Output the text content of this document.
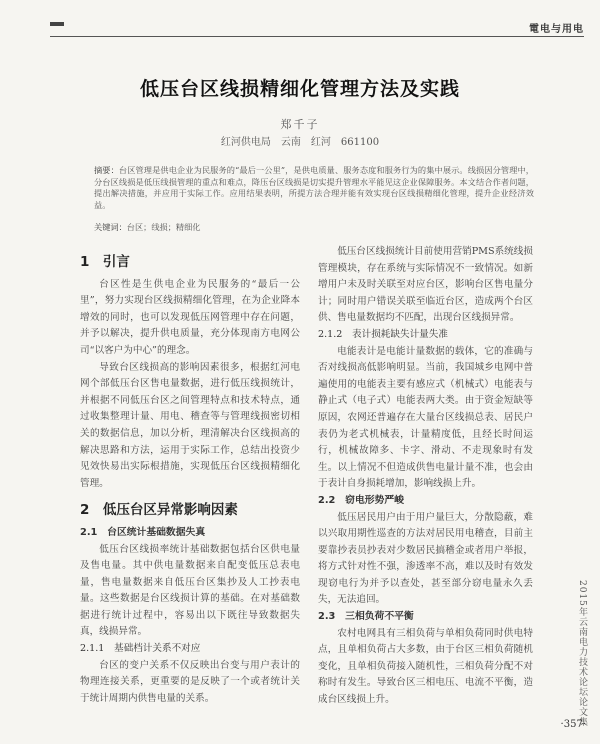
電电与用电
低压台区线损精细化管理方法及实践
郑千子
红河供电局　云南　红河　661100
摘要：台区管理是供电企业为民服务的“最后一公里”，是供电质量、服务态度和服务行为的集中展示。线损因分管理中，分台区线损是低压线损管理的重点和难点，降压台区线损是切实提升管理水平能见这企业保障服务。本文结合作者问题，提出解决措施，并应用于实际工作。应用结果表明，所提方法合理并能有效实现台区线损精细化管理，提升企业经济效益。
关键词：台区；线损；精细化
1　引言

台区性是生供电企业为民服务的“最后一公里”，努力实现台区线损精细化管理，在为企业降本增效的同时，也可以发现低压网管理中存在问题，并予以解决，提升供电质量，充分体现南方电网公司“以客户为中心”的理念。

导致台区线损高的影响因素很多，根据红河电网个部低压台区售电量数据，进行低压线损统计，并根据不同低压台区之间管理特点和技术特点，通过收集整理计量、用电、稽查等与管理线损密切相关的数据信息，加以分析，理清解决台区线损高的解决思路和方法，运用于实际工作，总结出投资少见效快易出实际根措施，实现低压台区线损精细化管理。

2　低压台区异常影响因素
2.1　台区统计基础数据失真

低压台区线损率统计基础数据包括台区供电量及售电量。其中供电量数据来自配变低压总表电量，售电量数据来自低压台区集抄及人工抄表电量。这些数据是台区线损计算的基础。在对基础数据进行统计过程中，容易出以下既往导致数据失真，线损异常。

2.1.1　基础档计关系不对应

台区的变户关系不仅反映出台变与用户表计的物理连接关系，更重要的是反映了一个或者统计关于统计周期内供售电量的关系。

低压台区线损统计目前使用营销PMS系统线损管理模块，存在系统与实际情况不一致情况。如新增用户未及时关联至对应台区，影响台区售电量分计；同时用户错误关联至临近台区，造成两个台区供、售电量数据均不匹配，出现台区线损异常。

2.1.2　表计损耗缺失计量失准

电能表计是电能计量数据的载体，它的准确与否对线损高低影响明显。当前，我国城乡电网中普遍使用的电能表主要有感应式（机械式）电能表与静止式（电子式）电能表两大类。由于资金短缺等原因，农网还普遍存在大量台区线损总表、居民户表仍为老式机械表，计量精度低，且经长时间运行，机械故障多、卡字、滑动、不走现象时有发生。以上情况不但造成供售电量计量不准，也会由于表计自身损耗增加，影响线损上升。

2.2　窃电形势严峻

低压居民用户由于用户量巨大，分散隐蔽，难以兴取用期性巡查的方法对居民用电稽查，目前主要靠抄表员抄表对少数居民搞稽金或者用户举报，将方式针对性不强，渗透率不高，难以及时有效发现窃电行为并予以查处，甚至部分窃电量永久丢失，无法追回。

2.3　三相负荷不平衡

农村电网具有三相负荷与单相负荷同时供电特点，且单相负荷占大多数，由于台区三相负荷随机变化，且单相负荷接入随机性，三相负荷分配不对称时有发生。导致台区三相电压、电流不平衡，造成台区线损上升。	2015年云南电力技术论坛论文集
·357·
